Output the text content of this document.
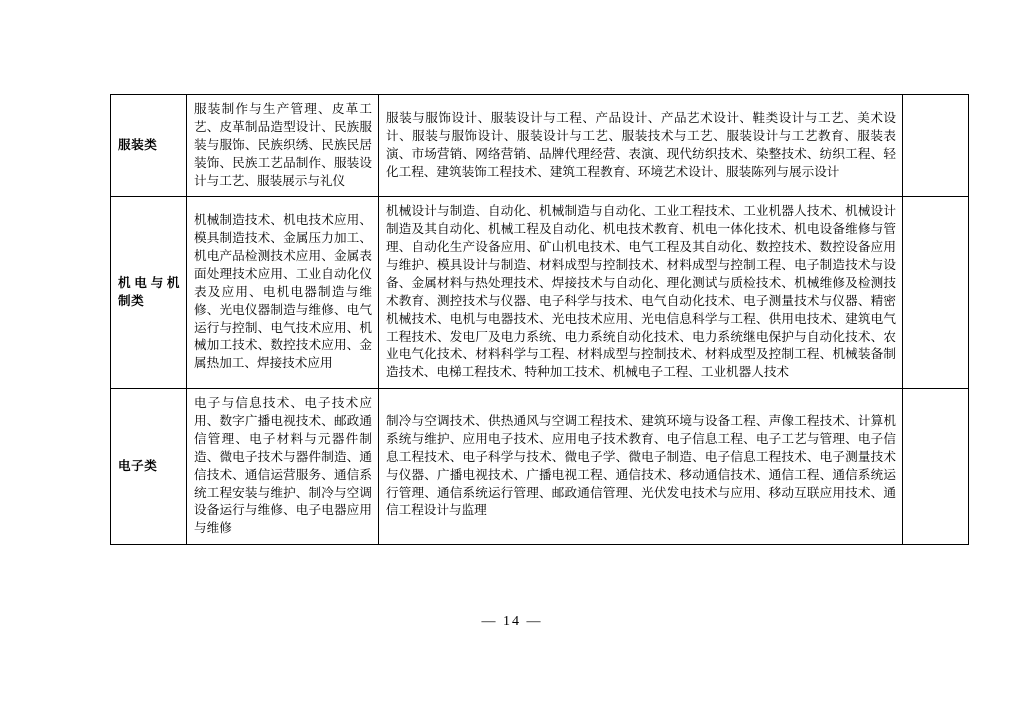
服装类	服装制作与生产管理、皮革工艺、皮革制品造型设计、民族服装与服饰、民族织绣、民族民居装饰、民族工艺品制作、服装设计与工艺、服装展示与礼仪	服装与服饰设计、服装设计与工程、产品设计、产品艺术设计、鞋类设计与工艺、美术设计、服装与服饰设计、服装设计与工艺、服装技术与工艺、服装设计与工艺教育、服装表演、市场营销、网络营销、品牌代理经营、表演、现代纺织技术、染整技术、纺织工程、轻化工程、建筑装饰工程技术、建筑工程教育、环境艺术设计、服装陈列与展示设计	

机电与机制类	机械制造技术、机电技术应用、模具制造技术、金属压力加工、机电产品检测技术应用、金属表面处理技术应用、工业自动化仪表及应用、电机电器制造与维修、光电仪器制造与维修、电气运行与控制、电气技术应用、机械加工技术、数控技术应用、金属热加工、焊接技术应用	机械设计与制造、自动化、机械制造与自动化、工业工程技术、工业机器人技术、机械设计制造及其自动化、机械工程及自动化、机电技术教育、机电一体化技术、机电设备维修与管理、自动化生产设备应用、矿山机电技术、电气工程及其自动化、数控技术、数控设备应用与维护、模具设计与制造、材料成型与控制技术、材料成型与控制工程、电子制造技术与设备、金属材料与热处理技术、焊接技术与自动化、理化测试与质检技术、机械维修及检测技术教育、测控技术与仪器、电子科学与技术、电气自动化技术、电子测量技术与仪器、精密机械技术、电机与电器技术、光电技术应用、光电信息科学与工程、供用电技术、建筑电气工程技术、发电厂及电力系统、电力系统自动化技术、电力系统继电保护与自动化技术、农业电气化技术、材料科学与工程、材料成型与控制技术、材料成型及控制工程、机械装备制造技术、电梯工程技术、特种加工技术、机械电子工程、工业机器人技术	

电子类	电子与信息技术、电子技术应用、数字广播电视技术、邮政通信管理、电子材料与元器件制造、微电子技术与器件制造、通信技术、通信运营服务、通信系统工程安装与维护、制冷与空调设备运行与维修、电子电器应用与维修	制冷与空调技术、供热通风与空调工程技术、建筑环境与设备工程、声像工程技术、计算机系统与维护、应用电子技术、应用电子技术教育、电子信息工程、电子工艺与管理、电子信息工程技术、电子科学与技术、微电子学、微电子制造、电子信息工程技术、电子测量技术与仪器、广播电视技术、广播电视工程、通信技术、移动通信技术、通信工程、通信系统运行管理、通信系统运行管理、邮政通信管理、光伏发电技术与应用、移动互联应用技术、通信工程设计与监理	
— 14 —
